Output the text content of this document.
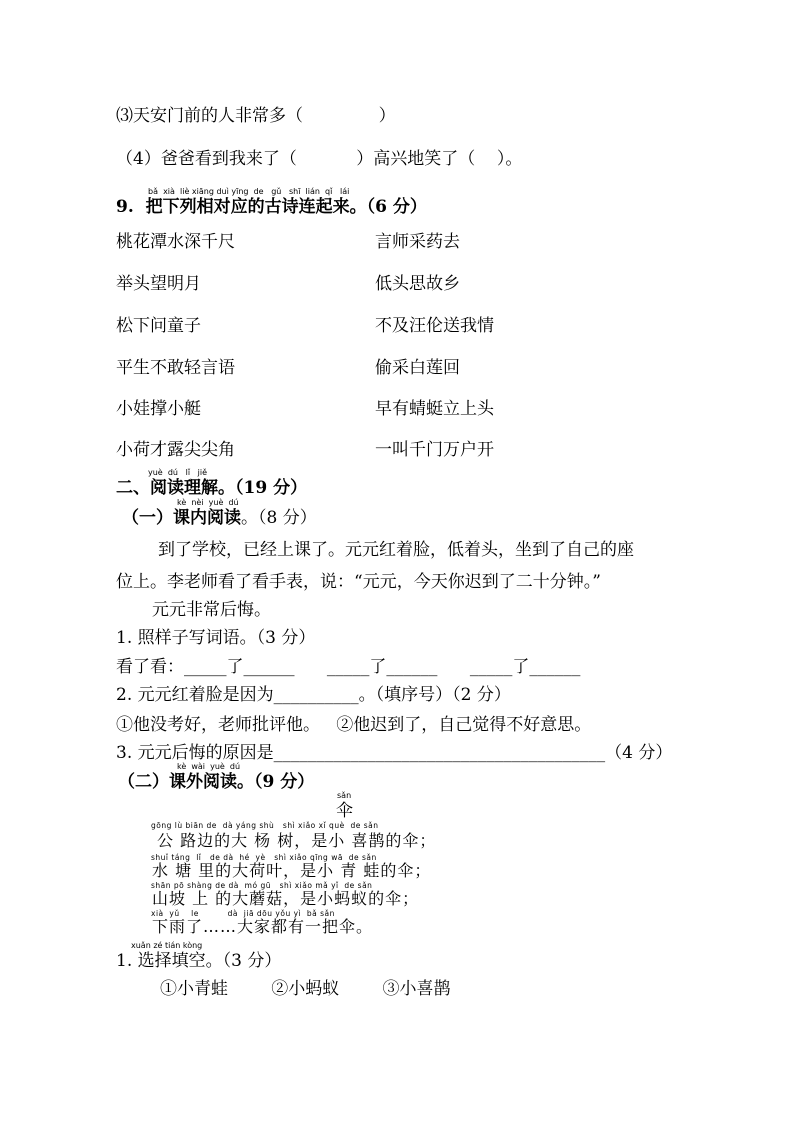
⑶天安门前的人非常多（              ）
（4）爸爸看到我来了（           ）高兴地笑了（    ）。
bǎ  xià  liè xiāng duì yīng  de   gǔ   shī  lián  qǐ   lái
9.  把下列相对应的古诗连起来。（6 分）
桃花潭水深千尺	言师采药去
举头望明月	低头思故乡
松下问童子	不及汪伦送我情
平生不敢轻言语	偷采白莲回
小娃撑小艇	早有蜻蜓立上头
小荷才露尖尖角	一叫千门万户开
yuè  dú   lǐ   jiě
二、阅读理解。（19 分）
kè  nèi  yuè  dú
（一）课内阅读。（8 分）
到了学校，已经上课了。元元红着脸，低着头，坐到了自己的座
位上。李老师看了看手表，说：“元元，今天你迟到了二十分钟。”
元元非常后悔。
1. 照样子写词语。（3 分）
看了看：_____了______      _____了______      _____了______
2. 元元红着脸是因为__________。（填序号）（2 分）
①他没考好，老师批评他。   ②他迟到了，自己觉得不好意思。
3. 元元后悔的原因是_______________________________________（4 分）
kè  wài  yuè  dú
（二）课外阅读。（9 分）
sǎn
伞
gōng lù biān de  dà yáng shù   shì xiǎo xǐ què  de sǎn
公 路边的大 杨 树，是小 喜鹊的伞；
shuǐ táng  lǐ   de dà  hé  yè   shì xiǎo qīng wā  de sǎn
水 塘 里的大荷叶，是小 青 蛙的伞；
shān pō shàng de dà  mó gū   shì xiǎo mǎ yǐ  de sǎn
山坡 上 的大蘑菇，是小蚂蚁的伞；
xià  yǔ    le          dà  jiā dōu yǒu yì  bǎ sǎn
下雨了……大家都有一把伞。
xuǎn zé tián kòng
1. 选择填空。（3 分）
①小青蛙        ②小蚂蚁        ③小喜鹊
